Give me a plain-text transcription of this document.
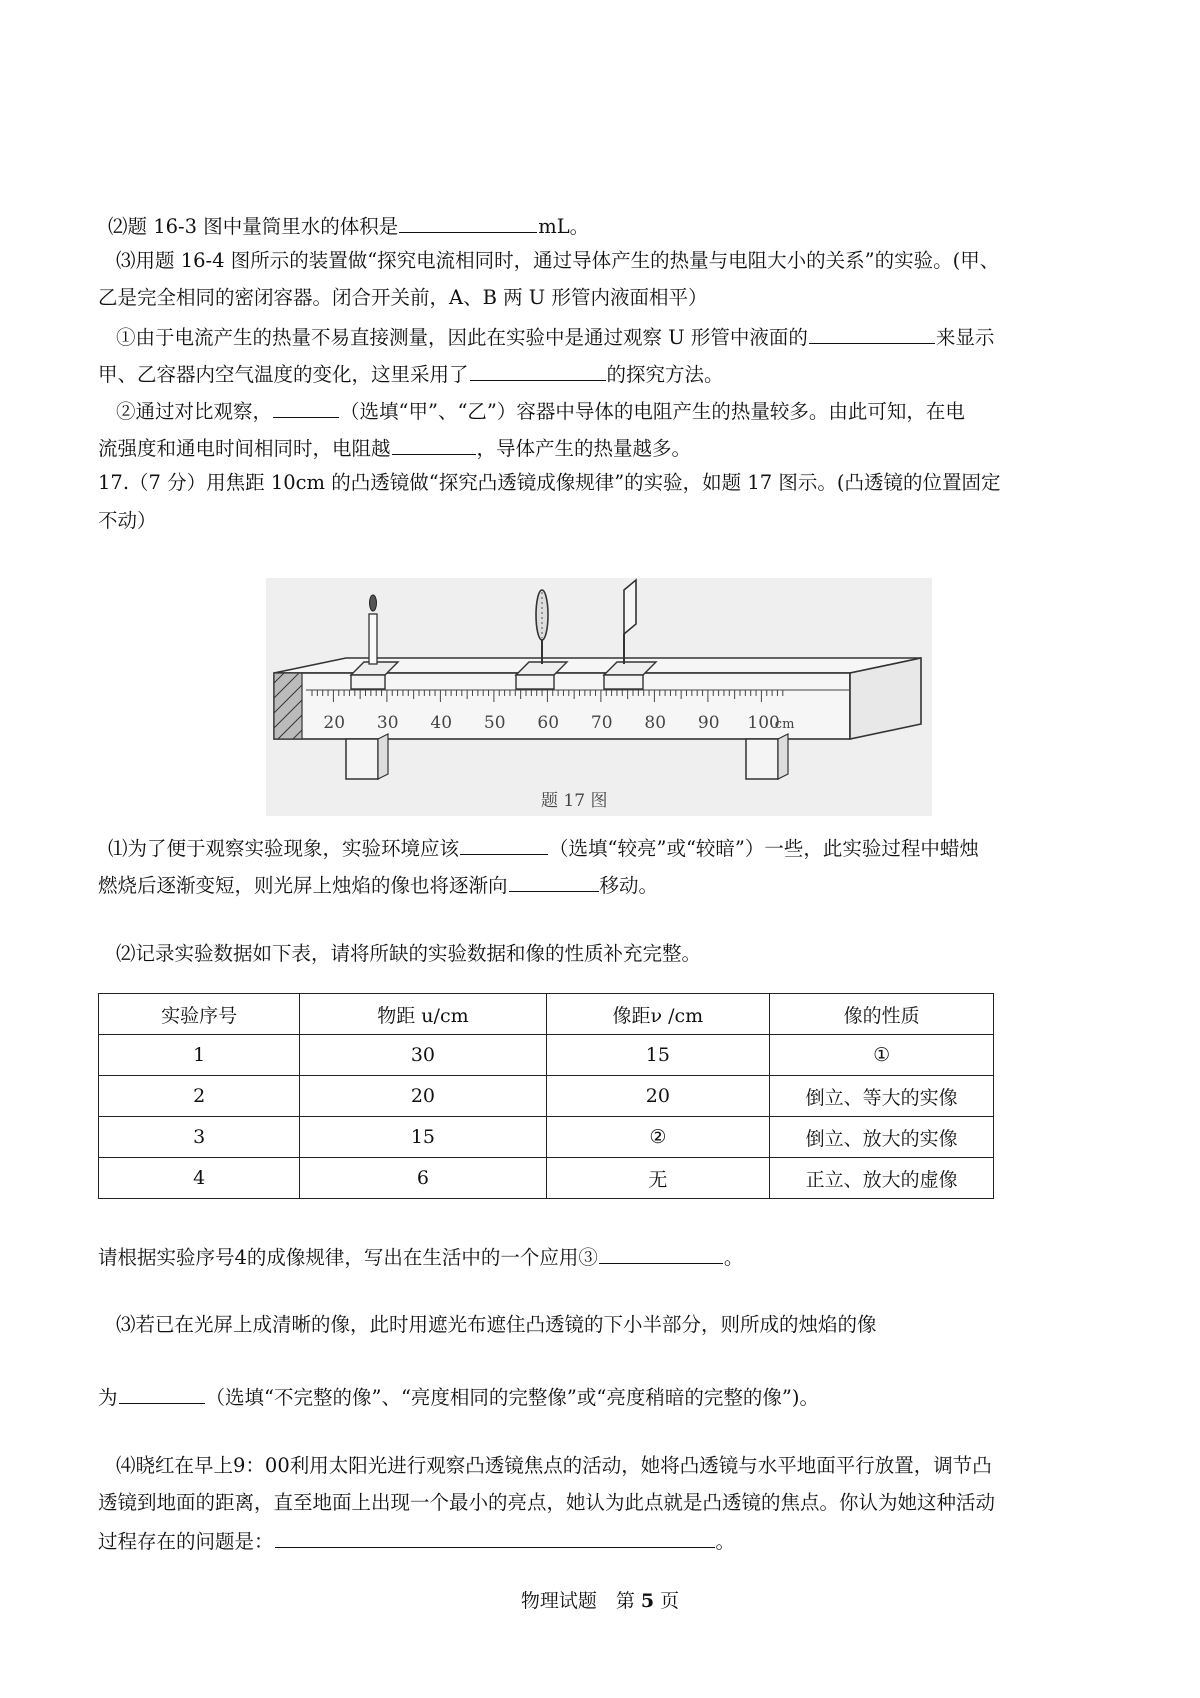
⑵题 16-3 图中量筒里水的体积是	mL。
⑶用题 16-4 图所示的装置做“探究电流相同时，通过导体产生的热量与电阻大小的关系”的实验。(甲、
乙是完全相同的密闭容器。闭合开关前，A、B 两 U 形管内液面相平）
①由于电流产生的热量不易直接测量，因此在实验中是通过观察 U 形管中液面的	来显示
甲、乙容器内空气温度的变化，这里采用了	的探究方法。
②通过对比观察，	（选填“甲”、“乙”）容器中导体的电阻产生的热量较多。由此可知，在电
流强度和通电时间相同时，电阻越	，导体产生的热量越多。
17.（7 分）用焦距 10cm 的凸透镜做“探究凸透镜成像规律”的实验，如题 17 图示。(凸透镜的位置固定
不动）
20 30 40 50 60 70 80 90 100
cm
题 17 图
⑴为了便于观察实验现象，实验环境应该	（选填“较亮”或“较暗”）一些，此实验过程中蜡烛
燃烧后逐渐变短，则光屏上烛焰的像也将逐渐向	移动。
⑵记录实验数据如下表，请将所缺的实验数据和像的性质补充完整。
实验序号	物距 u/cm	像距ν /cm	像的性质
1	30	15	①
2	20	20	倒立、等大的实像
3	15	②	倒立、放大的实像
4	6	无	正立、放大的虚像
请根据实验序号4的成像规律，写出在生活中的一个应用③	。
⑶若已在光屏上成清晰的像，此时用遮光布遮住凸透镜的下小半部分，则所成的烛焰的像
为	（选填“不完整的像”、“亮度相同的完整像”或“亮度稍暗的完整的像”)。
⑷晓红在早上9：00利用太阳光进行观察凸透镜焦点的活动，她将凸透镜与水平地面平行放置，调节凸
透镜到地面的距离，直至地面上出现一个最小的亮点，她认为此点就是凸透镜的焦点。你认为她这种活动
过程存在的问题是：	。
物理试题　第 5 页
